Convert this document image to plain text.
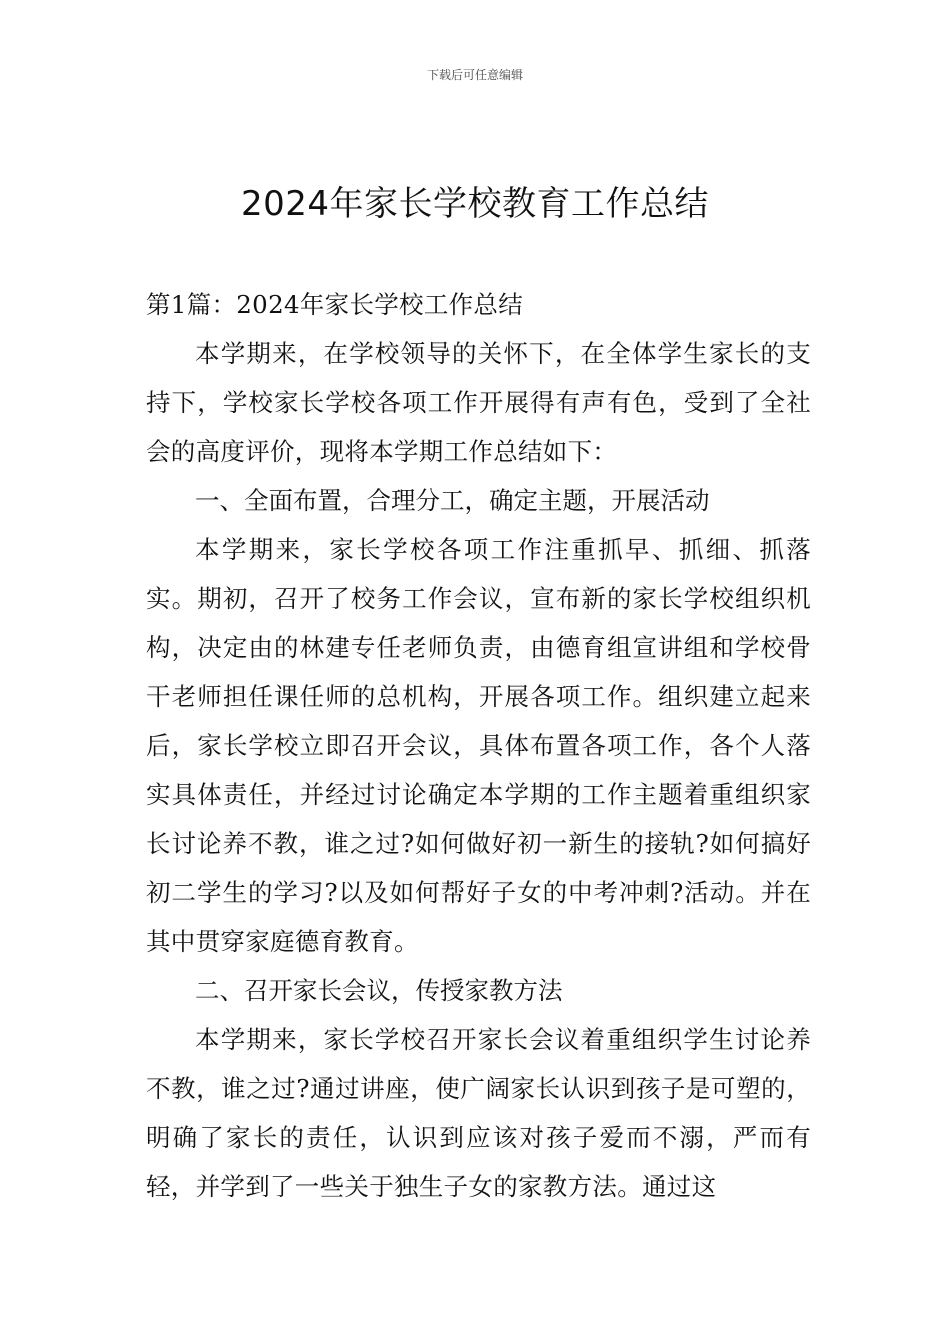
下载后可任意编辑
2024年家长学校教育工作总结

第1篇：2024年家长学校工作总结

本学期来，在学校领导的关怀下，在全体学生家长的支持下，学校家长学校各项工作开展得有声有色，受到了全社会的高度评价，现将本学期工作总结如下：

一、全面布置，合理分工，确定主题，开展活动

本学期来，家长学校各项工作注重抓早、抓细、抓落实。期初，召开了校务工作会议，宣布新的家长学校组织机构，决定由的林建专任老师负责，由德育组宣讲组和学校骨干老师担任课任师的总机构，开展各项工作。组织建立起来后，家长学校立即召开会议，具体布置各项工作，各个人落实具体责任，并经过讨论确定本学期的工作主题着重组织家长讨论养不教，谁之过?如何做好初一新生的接轨?如何搞好初二学生的学习?以及如何帮好子女的中考冲刺?活动。并在其中贯穿家庭德育教育。

二、召开家长会议，传授家教方法

本学期来，家长学校召开家长会议着重组织学生讨论养不教，谁之过?通过讲座，使广阔家长认识到孩子是可塑的，明确了家长的责任，认识到应该对孩子爱而不溺，严而有轻，并学到了一些关于独生子女的家教方法。通过这
